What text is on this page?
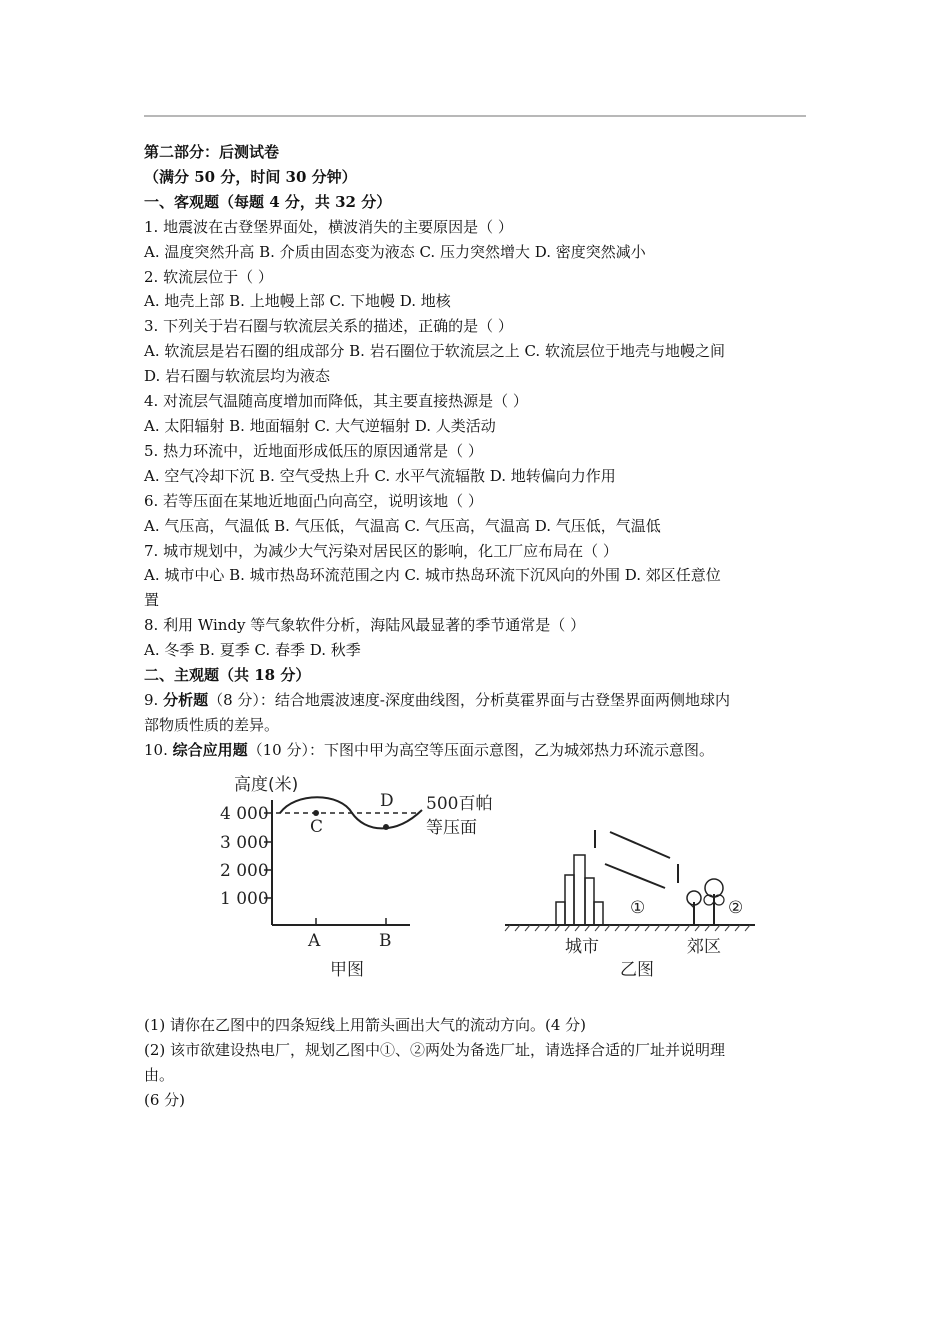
第二部分：后测试卷
（满分 50 分，时间 30 分钟）
一、客观题（每题 4 分，共 32 分）
1. 地震波在古登堡界面处，横波消失的主要原因是（ ）
A. 温度突然升高 B. 介质由固态变为液态 C. 压力突然增大 D. 密度突然减小
2. 软流层位于（ ）
A. 地壳上部 B. 上地幔上部 C. 下地幔 D. 地核
3. 下列关于岩石圈与软流层关系的描述，正确的是（ ）
A. 软流层是岩石圈的组成部分 B. 岩石圈位于软流层之上 C. 软流层位于地壳与地幔之间
D. 岩石圈与软流层均为液态
4. 对流层气温随高度增加而降低，其主要直接热源是（ ）
A. 太阳辐射 B. 地面辐射 C. 大气逆辐射 D. 人类活动
5. 热力环流中，近地面形成低压的原因通常是（ ）
A. 空气冷却下沉 B. 空气受热上升 C. 水平气流辐散 D. 地转偏向力作用
6. 若等压面在某地近地面凸向高空，说明该地（ ）
A. 气压高，气温低 B. 气压低，气温高 C. 气压高，气温高 D. 气压低，气温低
7. 城市规划中，为减少大气污染对居民区的影响，化工厂应布局在（ ）
A. 城市中心 B. 城市热岛环流范围之内 C. 城市热岛环流下沉风向的外围 D. 郊区任意位
置
8. 利用 Windy 等气象软件分析，海陆风最显著的季节通常是（ ）
A. 冬季 B. 夏季 C. 春季 D. 秋季
二、主观题（共 18 分）
9. 分析题（8 分）：结合地震波速度-深度曲线图，分析莫霍界面与古登堡界面两侧地球内
部物质性质的差异。
10. 综合应用题（10 分）：下图中甲为高空等压面示意图，乙为城郊热力环流示意图。
高度(米)
4 000
3 000
2 000
1 000
A	B
C
D 500百帕
等压面
甲图
①	②
城市	郊区
乙图
(1) 请你在乙图中的四条短线上用箭头画出大气的流动方向。(4 分)
(2) 该市欲建设热电厂，规划乙图中①、②两处为备选厂址，请选择合适的厂址并说明理
由。
(6 分)
